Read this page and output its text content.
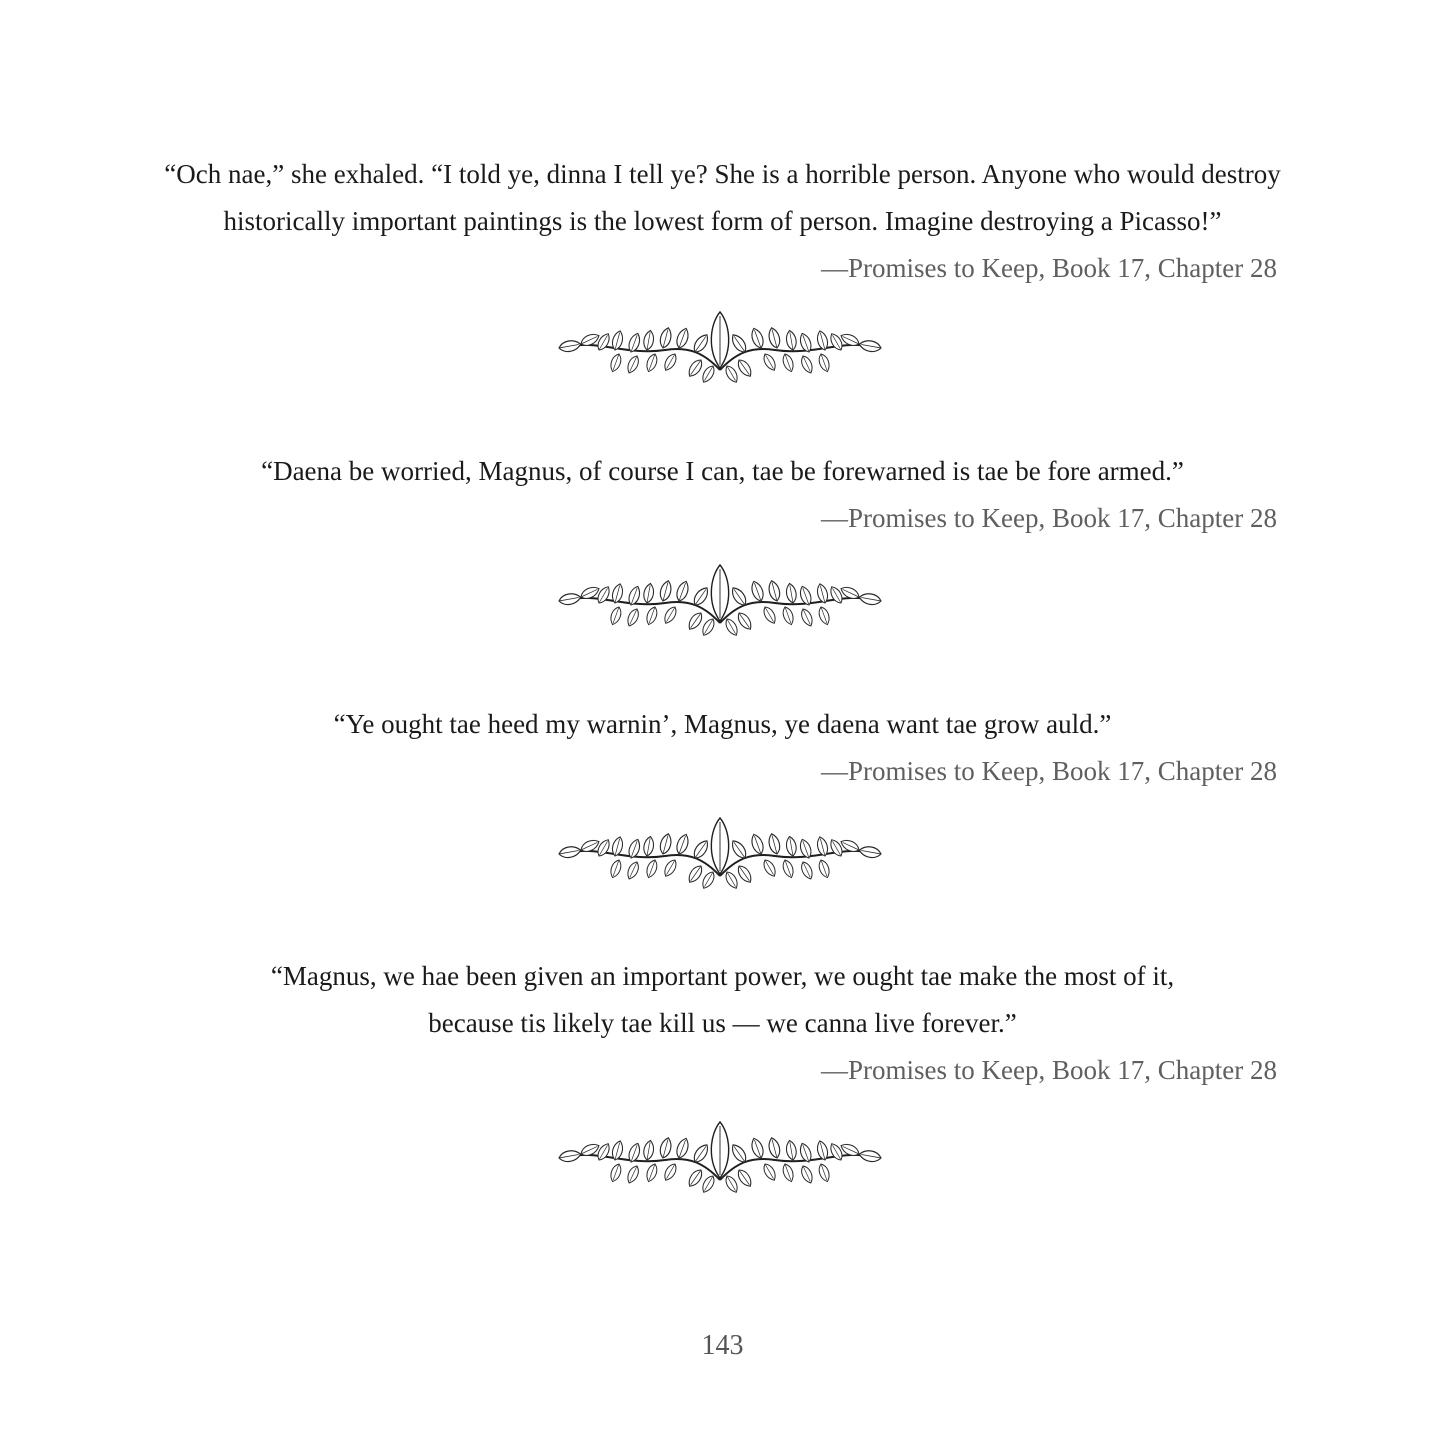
“Och nae,” she exhaled. “I told ye, dinna I tell ye? She is a horrible person. Anyone who would destroy
historically important paintings is the lowest form of person. Imagine destroying a Picasso!”
—Promises to Keep, Book 17, Chapter 28
“Daena be worried, Magnus, of course I can, tae be forewarned is tae be fore armed.”
—Promises to Keep, Book 17, Chapter 28
“Ye ought tae heed my warnin’, Magnus, ye daena want tae grow auld.”
—Promises to Keep, Book 17, Chapter 28
“Magnus, we hae been given an important power, we ought tae make the most of it,
because tis likely tae kill us — we canna live forever.”
—Promises to Keep, Book 17, Chapter 28
143
